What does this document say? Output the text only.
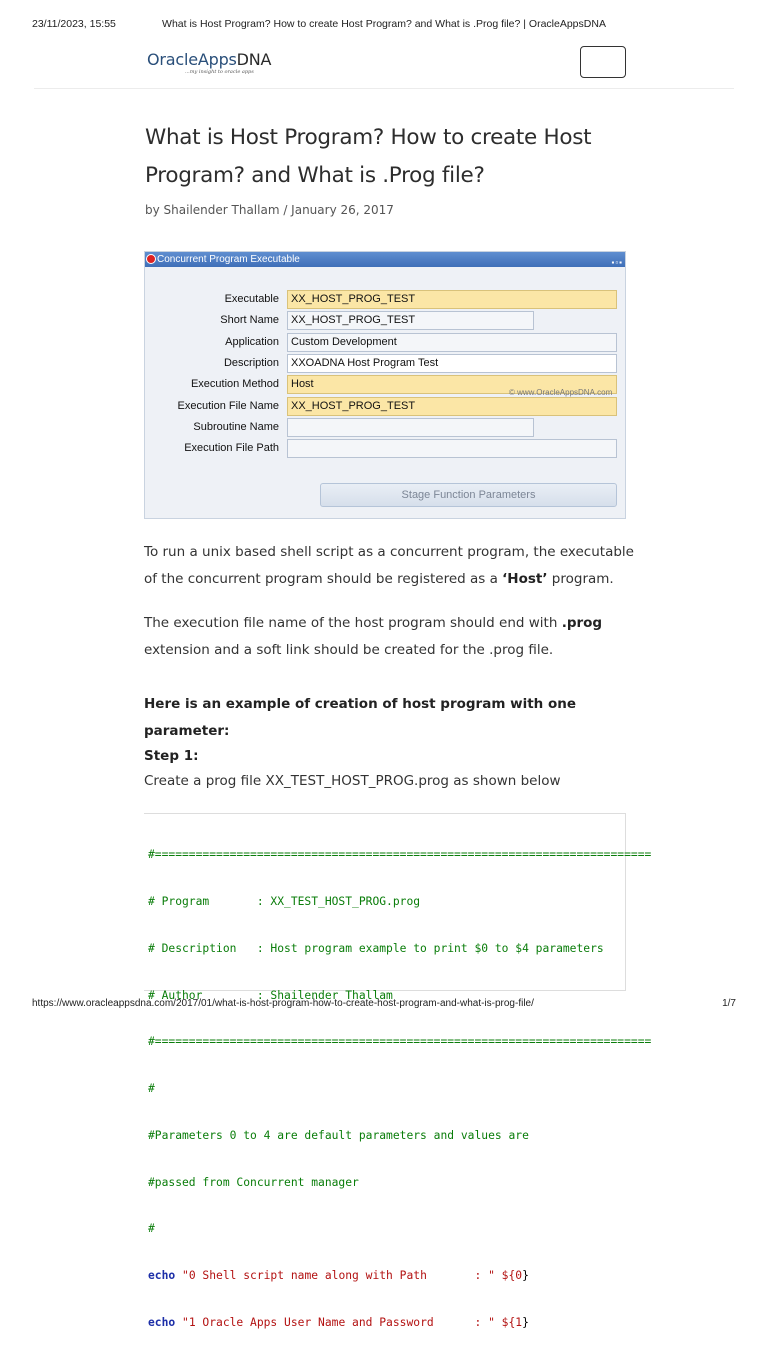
23/11/2023, 15:55	What is Host Program? How to create Host Program? and What is .Prog file? | OracleAppsDNA
OracleAppsDNA
...my insight to oracle apps
What is Host Program? How to create Host Program? and What is .Prog file?
by Shailender Thallam / January 26, 2017
Concurrent Program Executable	▪▫▪
Executable	XX_HOST_PROG_TEST
Short Name	XX_HOST_PROG_TEST
Application	Custom Development
Description	XXOADNA Host Program Test
Execution Method	Host
Execution File Name	XX_HOST_PROG_TEST
Subroutine Name
Execution File Path
© www.OracleAppsDNA.com
Stage Function Parameters

To run a unix based shell script as a concurrent program, the executable of the concurrent program should be registered as a ‘Host’ program.

The execution file name of the host program should end with .prog extension and a soft link should be created for the .prog file.

Here is an example of creation of host program with one parameter:

Step 1:

Create a prog file XX_TEST_HOST_PROG.prog as shown below

#=========================================================================

# Program       : XX_TEST_HOST_PROG.prog

# Description   : Host program example to print $0 to $4 parameters

# Author        : Shailender Thallam

#=========================================================================

#

#Parameters 0 to 4 are default parameters and values are

#passed from Concurrent manager

#

echo "0 Shell script name along with Path       : " ${0}

echo "1 Oracle Apps User Name and Password      : " ${1}

https://www.oracleappsdna.com/2017/01/what-is-host-program-how-to-create-host-program-and-what-is-prog-file/	1/7
